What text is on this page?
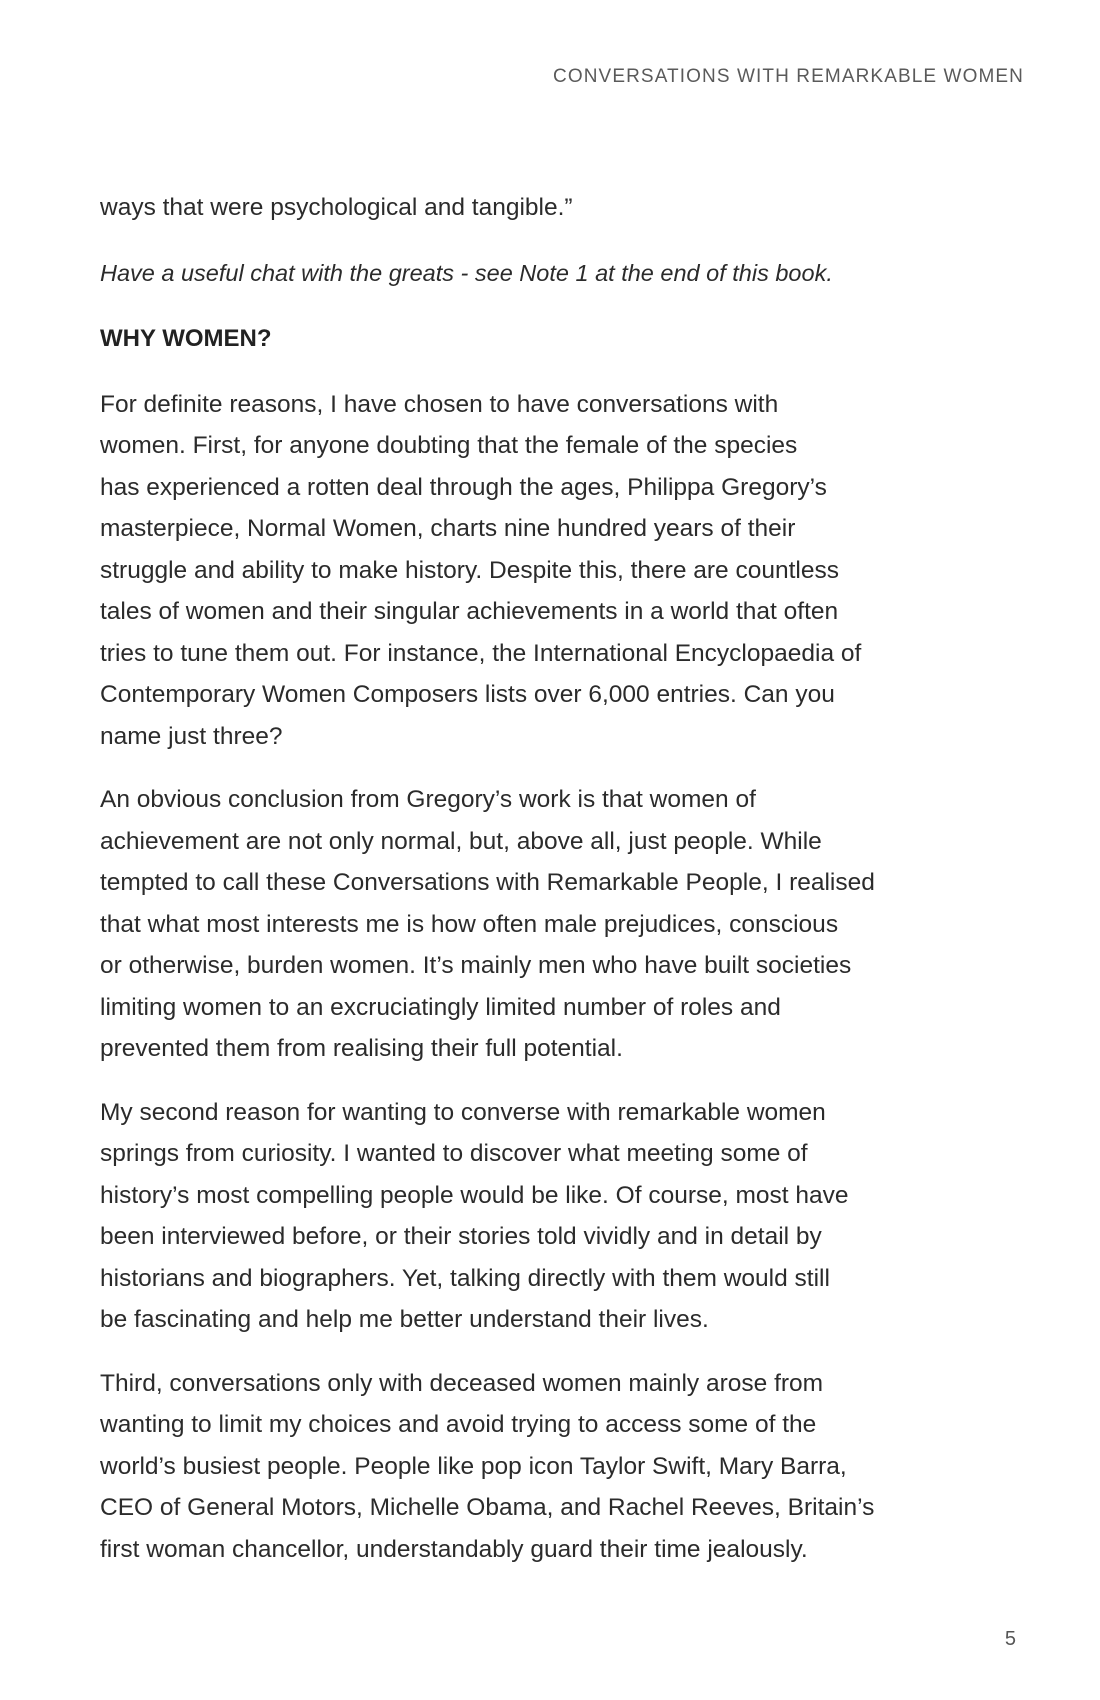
CONVERSATIONS WITH REMARKABLE WOMEN
ways that were psychological and tangible.”
Have a useful chat with the greats - see Note 1 at the end of this book.
WHY WOMEN?
For definite reasons, I have chosen to have conversations with
women. First, for anyone doubting that the female of the species
has experienced a rotten deal through the ages, Philippa Gregory’s
masterpiece, Normal Women, charts nine hundred years of their
struggle and ability to make history. Despite this, there are countless
tales of women and their singular achievements in a world that often
tries to tune them out. For instance, the International Encyclopaedia of
Contemporary Women Composers lists over 6,000 entries. Can you
name just three?
An obvious conclusion from Gregory’s work is that women of
achievement are not only normal, but, above all, just people. While
tempted to call these Conversations with Remarkable People, I realised
that what most interests me is how often male prejudices, conscious
or otherwise, burden women. It’s mainly men who have built societies
limiting women to an excruciatingly limited number of roles and
prevented them from realising their full potential.
My second reason for wanting to converse with remarkable women
springs from curiosity. I wanted to discover what meeting some of
history’s most compelling people would be like. Of course, most have
been interviewed before, or their stories told vividly and in detail by
historians and biographers. Yet, talking directly with them would still
be fascinating and help me better understand their lives.
Third, conversations only with deceased women mainly arose from
wanting to limit my choices and avoid trying to access some of the
world’s busiest people. People like pop icon Taylor Swift, Mary Barra,
CEO of General Motors, Michelle Obama, and Rachel Reeves, Britain’s
first woman chancellor, understandably guard their time jealously.
5
